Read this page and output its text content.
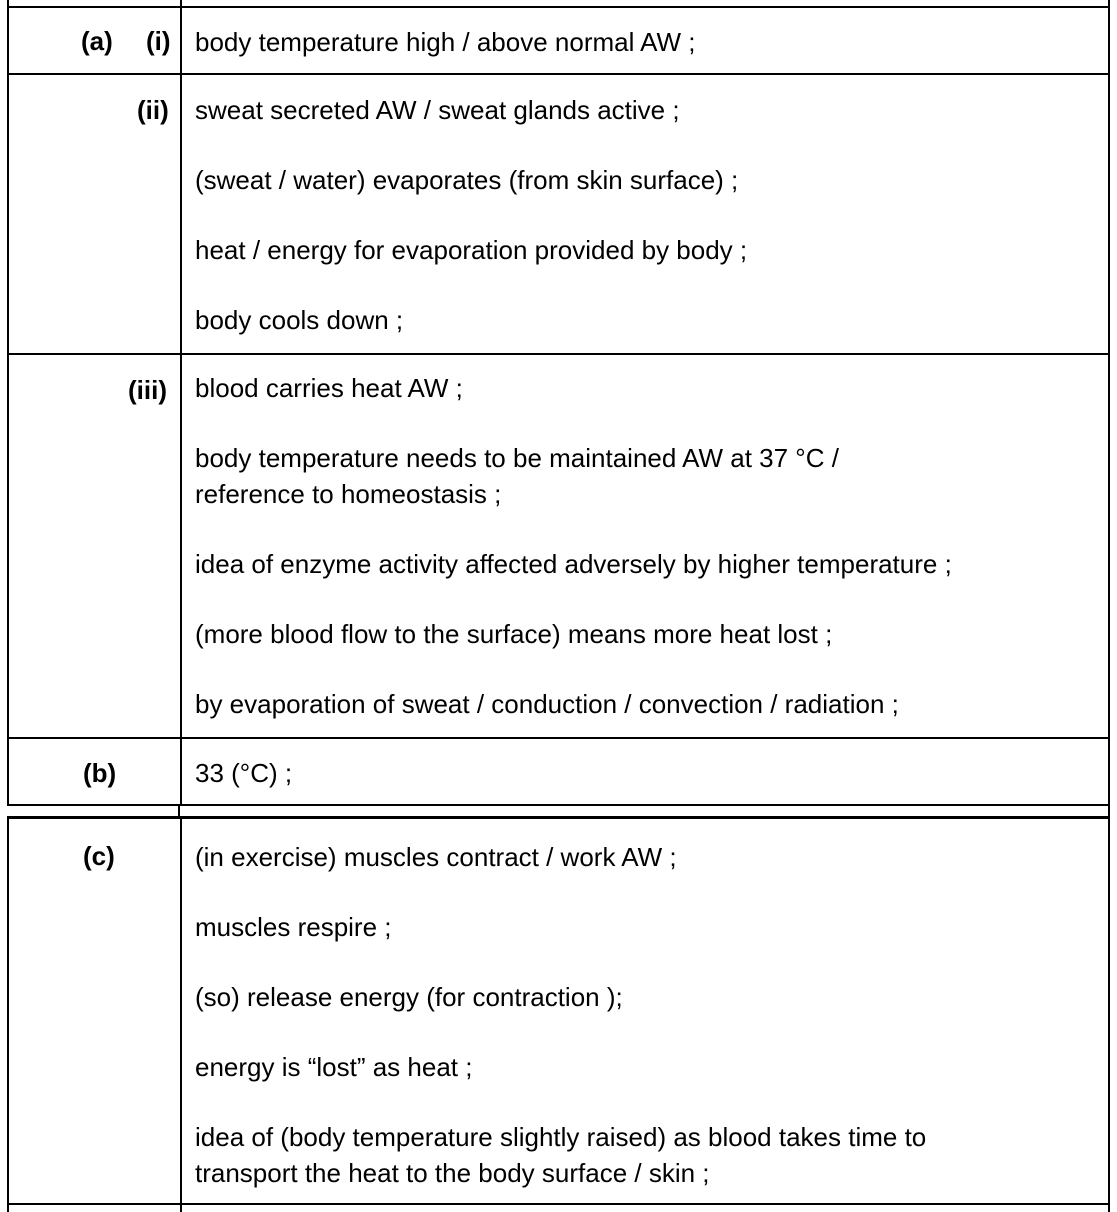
(a) (i) body temperature high / above normal AW ;

(ii) sweat secreted AW / sweat glands active ;

(sweat / water) evaporates (from skin surface) ;

heat / energy for evaporation provided by body ;

body cools down ;

(iii) blood carries heat AW ;

body temperature needs to be maintained AW at 37 °C /
reference to homeostasis ;

idea of enzyme activity affected adversely by higher temperature ;

(more blood flow to the surface) means more heat lost ;

by evaporation of sweat / conduction / convection / radiation ;

(b)	33 (°C) ;

(c)	(in exercise) muscles contract / work AW ;

muscles respire ;

(so) release energy (for contraction );

energy is “lost” as heat ;

idea of (body temperature slightly raised) as blood takes time to
transport the heat to the body surface / skin ;
